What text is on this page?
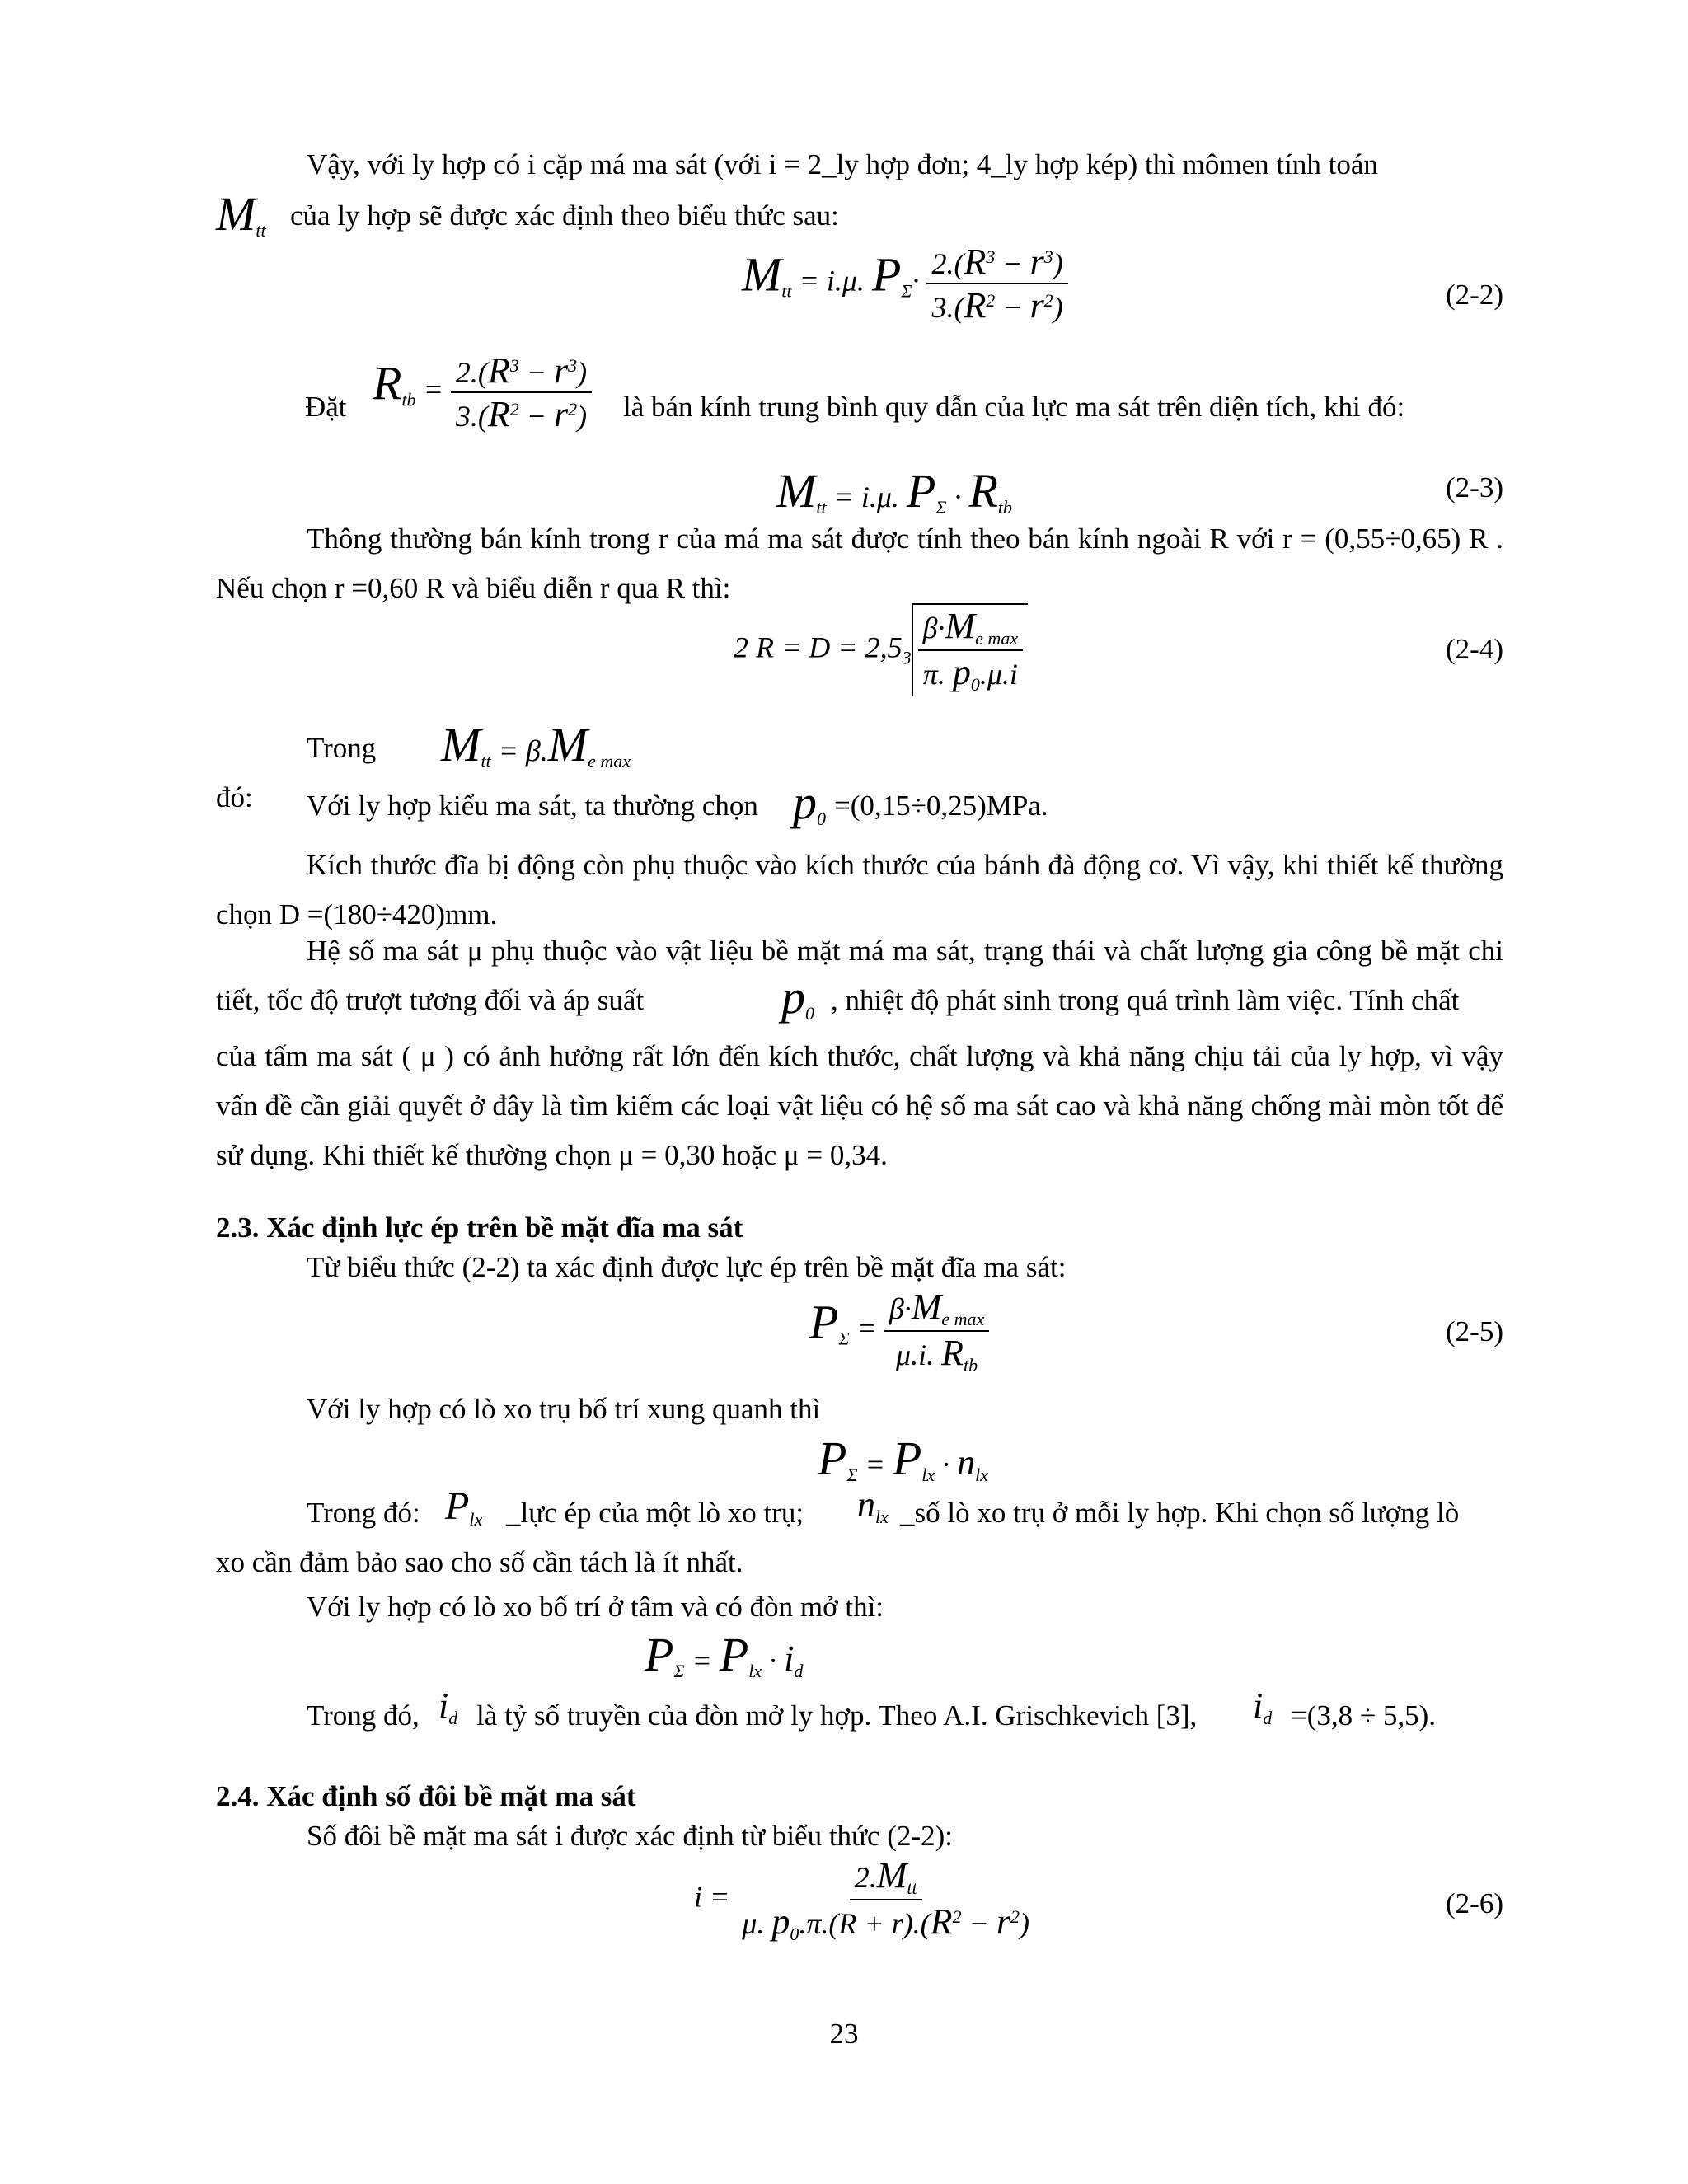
Vậy, với ly hợp có i cặp má ma sát (với i = 2_ly hợp đơn; 4_ly hợp kép) thì mômen tính toán

$M_{tt}$ của ly hợp sẽ được xác định theo biểu thức sau:

$M_{tt} = i.\mu$. $P_\Sigma\cdot \frac{2.(R^3 - r^3)}{3.(R^2 - r^2)}$	(2-2)
Đặt $R_{tb} = \frac{2.(R^3 - r^3)}{3.(R^2 - r^2)}$ là bán kính trung bình quy dẫn của lực ma sát trên diện tích, khi đó:
$M_{tt} = i.\mu$. $P_\Sigma \cdot R_{tb}$
(2-3)

Thông thường bán kính trong r của má ma sát được tính theo bán kính ngoài R với r = (0,55÷0,65) R . Nếu chọn r =0,60 R và biểu diễn r qua R thì:

2 $R = D = 2,5_3 \frac{\beta\cdot M_{e max}}{\pi. p_0.\mu.i}$	(2-4)

Trong đó:

$M_{tt} = \beta.M_{e max}$
Với ly hợp kiểu ma sát, ta thường chọn $p_0 =(0,15\div 0,25)MPa$.

Kích thước đĩa bị động còn phụ thuộc vào kích thước của bánh đà động cơ. Vì vậy, khi thiết kế thường chọn D =(180÷420)mm.

Hệ số ma sát μ phụ thuộc vào vật liệu bề mặt má ma sát, trạng thái và chất lượng gia công bề mặt chi tiết, tốc độ trượt tương đối và áp suất	$p_0$ , nhiệt độ phát sinh trong quá trình làm việc. Tính chất

của tấm ma sát ( μ ) có ảnh hưởng rất lớn đến kích thước, chất lượng và khả năng chịu tải của ly hợp, vì vậy vấn đề cần giải quyết ở đây là tìm kiếm các loại vật liệu có hệ số ma sát cao và khả năng chống mài mòn tốt để sử dụng. Khi thiết kế thường chọn μ = 0,30 hoặc μ = 0,34.

2.3. Xác định lực ép trên bề mặt đĩa ma sát

Từ biểu thức (2-2) ta xác định được lực ép trên bề mặt đĩa ma sát:

$P_\Sigma = \frac{\beta\cdot M_{e max}}{\mu.i. R_{tb}}$	(2-5)

Với ly hợp có lò xo trụ bố trí xung quanh thì

$P_\Sigma = P_{lx} \cdot n_{lx}$
Trong đó: $P_{lx}$ _lực ép của một lò xo trụ;	$n_{lx}$ _số lò xo trụ ở mỗi ly hợp. Khi chọn số lượng lò

xo cần đảm bảo sao cho số cần tách là ít nhất.

Với ly hợp có lò xo bố trí ở tâm và có đòn mở thì:

$P_\Sigma = P_{lx} \cdot i_d$
Trong đó, $i_d$ là tỷ số truyền của đòn mở ly hợp. Theo A.I. Grischkevich [3],	$i_d =(3,8 \div 5,5)$.
2.4. Xác định số đôi bề mặt ma sát

Số đôi bề mặt ma sát i được xác định từ biểu thức (2-2):

$i = \frac{2.M_{tt}}{\mu. p_0.\pi.(R + r).(R^2 - r^2)}$	(2-6)
23
